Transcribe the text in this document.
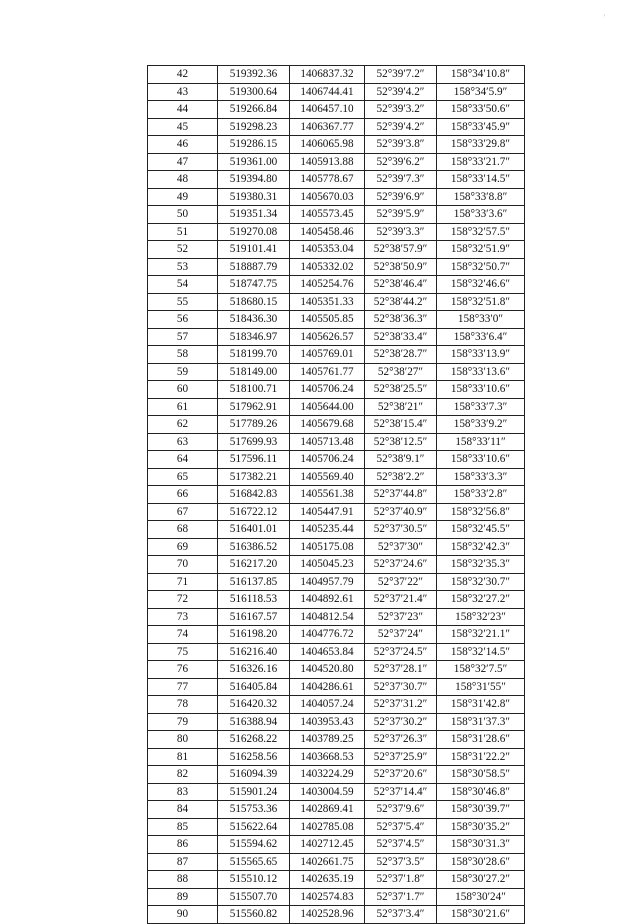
'
42	519392.36	1406837.32	52°39′7.2″	158°34′10.8″
43	519300.64	1406744.41	52°39′4.2″	158°34′5.9″
44	519266.84	1406457.10	52°39′3.2″	158°33′50.6″
45	519298.23	1406367.77	52°39′4.2″	158°33′45.9″
46	519286.15	1406065.98	52°39′3.8″	158°33′29.8″
47	519361.00	1405913.88	52°39′6.2″	158°33′21.7″
48	519394.80	1405778.67	52°39′7.3″	158°33′14.5″
49	519380.31	1405670.03	52°39′6.9″	158°33′8.8″
50	519351.34	1405573.45	52°39′5.9″	158°33′3.6″
51	519270.08	1405458.46	52°39′3.3″	158°32′57.5″
52	519101.41	1405353.04	52°38′57.9″	158°32′51.9″
53	518887.79	1405332.02	52°38′50.9″	158°32′50.7″
54	518747.75	1405254.76	52°38′46.4″	158°32′46.6″
55	518680.15	1405351.33	52°38′44.2″	158°32′51.8″
56	518436.30	1405505.85	52°38′36.3″	158°33′0″
57	518346.97	1405626.57	52°38′33.4″	158°33′6.4″
58	518199.70	1405769.01	52°38′28.7″	158°33′13.9″
59	518149.00	1405761.77	52°38′27″	158°33′13.6″
60	518100.71	1405706.24	52°38′25.5″	158°33′10.6″
61	517962.91	1405644.00	52°38′21″	158°33′7.3″
62	517789.26	1405679.68	52°38′15.4″	158°33′9.2″
63	517699.93	1405713.48	52°38′12.5″	158°33′11″
64	517596.11	1405706.24	52°38′9.1″	158°33′10.6″
65	517382.21	1405569.40	52°38′2.2″	158°33′3.3″
66	516842.83	1405561.38	52°37′44.8″	158°33′2.8″
67	516722.12	1405447.91	52°37′40.9″	158°32′56.8″
68	516401.01	1405235.44	52°37′30.5″	158°32′45.5″
69	516386.52	1405175.08	52°37′30″	158°32′42.3″
70	516217.20	1405045.23	52°37′24.6″	158°32′35.3″
71	516137.85	1404957.79	52°37′22″	158°32′30.7″
72	516118.53	1404892.61	52°37′21.4″	158°32′27.2″
73	516167.57	1404812.54	52°37′23″	158°32′23″
74	516198.20	1404776.72	52°37′24″	158°32′21.1″
75	516216.40	1404653.84	52°37′24.5″	158°32′14.5″
76	516326.16	1404520.80	52°37′28.1″	158°32′7.5″
77	516405.84	1404286.61	52°37′30.7″	158°31′55″
78	516420.32	1404057.24	52°37′31.2″	158°31′42.8″
79	516388.94	1403953.43	52°37′30.2″	158°31′37.3″
80	516268.22	1403789.25	52°37′26.3″	158°31′28.6″
81	516258.56	1403668.53	52°37′25.9″	158°31′22.2″
82	516094.39	1403224.29	52°37′20.6″	158°30′58.5″
83	515901.24	1403004.59	52°37′14.4″	158°30′46.8″
84	515753.36	1402869.41	52°37′9.6″	158°30′39.7″
85	515622.64	1402785.08	52°37′5.4″	158°30′35.2″
86	515594.62	1402712.45	52°37′4.5″	158°30′31.3″
87	515565.65	1402661.75	52°37′3.5″	158°30′28.6″
88	515510.12	1402635.19	52°37′1.8″	158°30′27.2″
89	515507.70	1402574.83	52°37′1.7″	158°30′24″
90	515560.82	1402528.96	52°37′3.4″	158°30′21.6″
